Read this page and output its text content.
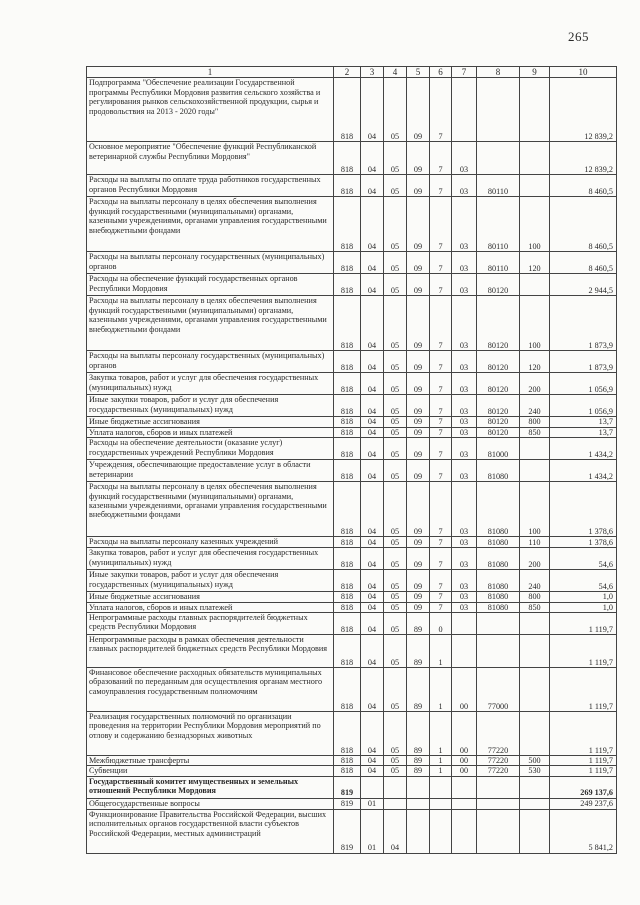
265
1	2	3	4	5	6	7	8	9	10
Подпрограмма "Обеспечение реализации Государственной программы Республики Мордовия развития сельского хозяйства и регулирования рынков сельскохозяйственной продукции, сырья и продовольствия на 2013 - 2020 годы"	818	04	05	09	7				12 839,2
Основное мероприятие "Обеспечение функций Республиканской ветеринарной службы Республики Мордовия"	818	04	05	09	7	03			12 839,2
Расходы на выплаты по оплате труда работников государственных органов Республики Мордовия	818	04	05	09	7	03	80110		8 460,5
Расходы на выплаты персоналу в целях обеспечения выполнения функций государственными (муниципальными) органами, казенными учреждениями, органами управления государственными внебюджетными фондами	818	04	05	09	7	03	80110	100	8 460,5
Расходы на выплаты персоналу государственных (муниципальных) органов	818	04	05	09	7	03	80110	120	8 460,5
Расходы на обеспечение функций государственных органов Республики Мордовия	818	04	05	09	7	03	80120		2 944,5
Расходы на выплаты персоналу в целях обеспечения выполнения функций государственными (муниципальными) органами, казенными учреждениями, органами управления государственными внебюджетными фондами	818	04	05	09	7	03	80120	100	1 873,9
Расходы на выплаты персоналу государственных (муниципальных) органов	818	04	05	09	7	03	80120	120	1 873,9
Закупка товаров, работ и услуг для обеспечения государственных (муниципальных) нужд	818	04	05	09	7	03	80120	200	1 056,9
Иные закупки товаров, работ и услуг для обеспечения государственных (муниципальных) нужд	818	04	05	09	7	03	80120	240	1 056,9
Иные бюджетные ассигнования	818	04	05	09	7	03	80120	800	13,7
Уплата налогов, сборов и иных платежей	818	04	05	09	7	03	80120	850	13,7
Расходы на обеспечение деятельности (оказание услуг) государственных учреждений Республики Мордовия	818	04	05	09	7	03	81000		1 434,2
Учреждения, обеспечивающие предоставление услуг в области ветеринарии	818	04	05	09	7	03	81080		1 434,2
Расходы на выплаты персоналу в целях обеспечения выполнения функций государственными (муниципальными) органами, казенными учреждениями, органами управления государственными внебюджетными фондами	818	04	05	09	7	03	81080	100	1 378,6
Расходы на выплаты персоналу казенных учреждений	818	04	05	09	7	03	81080	110	1 378,6
Закупка товаров, работ и услуг для обеспечения государственных (муниципальных) нужд	818	04	05	09	7	03	81080	200	54,6
Иные закупки товаров, работ и услуг для обеспечения государственных (муниципальных) нужд	818	04	05	09	7	03	81080	240	54,6
Иные бюджетные ассигнования	818	04	05	09	7	03	81080	800	1,0
Уплата налогов, сборов и иных платежей	818	04	05	09	7	03	81080	850	1,0
Непрограммные расходы главных распорядителей бюджетных средств Республики Мордовия	818	04	05	89	0				1 119,7
Непрограммные расходы в рамках обеспечения деятельности главных распорядителей бюджетных средств Республики Мордовия	818	04	05	89	1				1 119,7
Финансовое обеспечение расходных обязательств муниципальных образований по переданным для осуществления органам местного самоуправления государственным полномочиям	818	04	05	89	1	00	77000		1 119,7
Реализация государственных полномочий по организации проведения на территории Республики Мордовия мероприятий по отлову и содержанию безнадзорных животных	818	04	05	89	1	00	77220		1 119,7
Межбюджетные трансферты	818	04	05	89	1	00	77220	500	1 119,7
Субвенции	818	04	05	89	1	00	77220	530	1 119,7
Государственный комитет имущественных и земельных отношений Республики Мордовия	819								269 137,6
Общегосударственные вопросы	819	01							249 237,6
Функционирование Правительства Российской Федерации, высших исполнительных органов государственной власти субъектов Российской Федерации, местных администраций	819	01	04						5 841,2
